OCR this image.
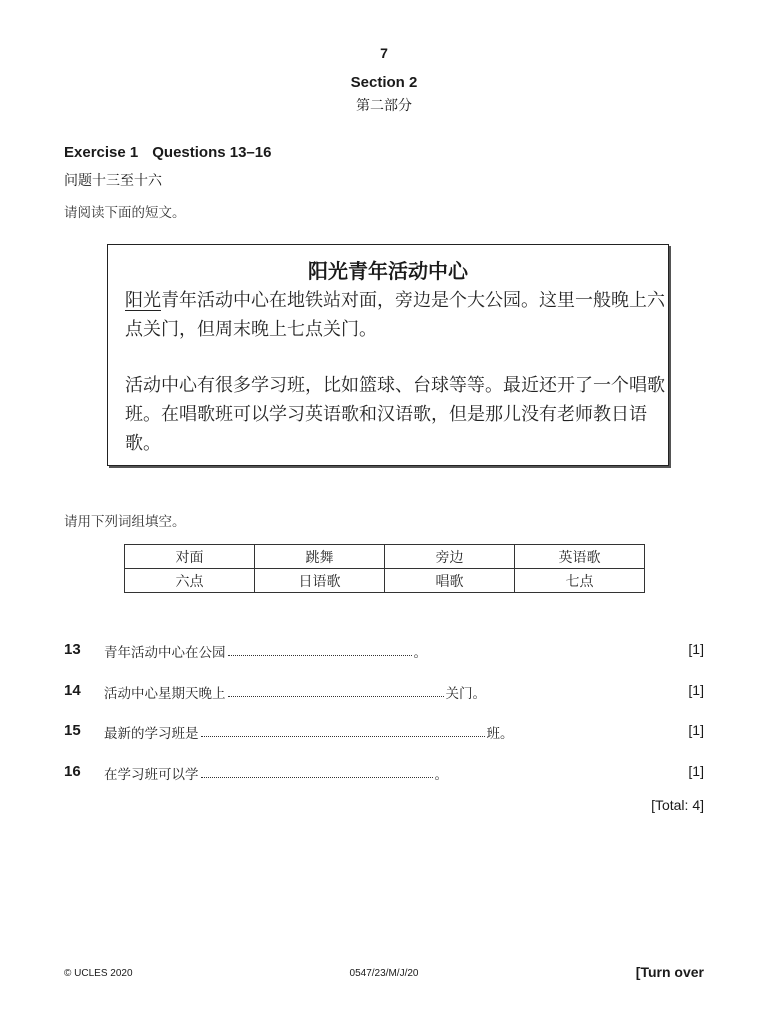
7
Section 2
第二部分
Exercise 1 Questions 13–16
问题十三至十六
请阅读下面的短文。
阳光青年活动中心
阳光青年活动中心在地铁站对面，旁边是个大公园。这里一般晚上六点关门，但周末晚上七点关门。
活动中心有很多学习班，比如篮球、台球等等。最近还开了一个唱歌班。在唱歌班可以学习英语歌和汉语歌，但是那儿没有老师教日语歌。
请用下列词组填空。
对面	跳舞	旁边	英语歌
六点	日语歌	唱歌	七点
13 青年活动中心在公园	。	[1]
14 活动中心星期天晚上	关门。	[1]
15 最新的学习班是	班。	[1]
16 在学习班可以学	。	[1]
[Total: 4]
© UCLES 2020	0547/23/M/J/20	[Turn over
